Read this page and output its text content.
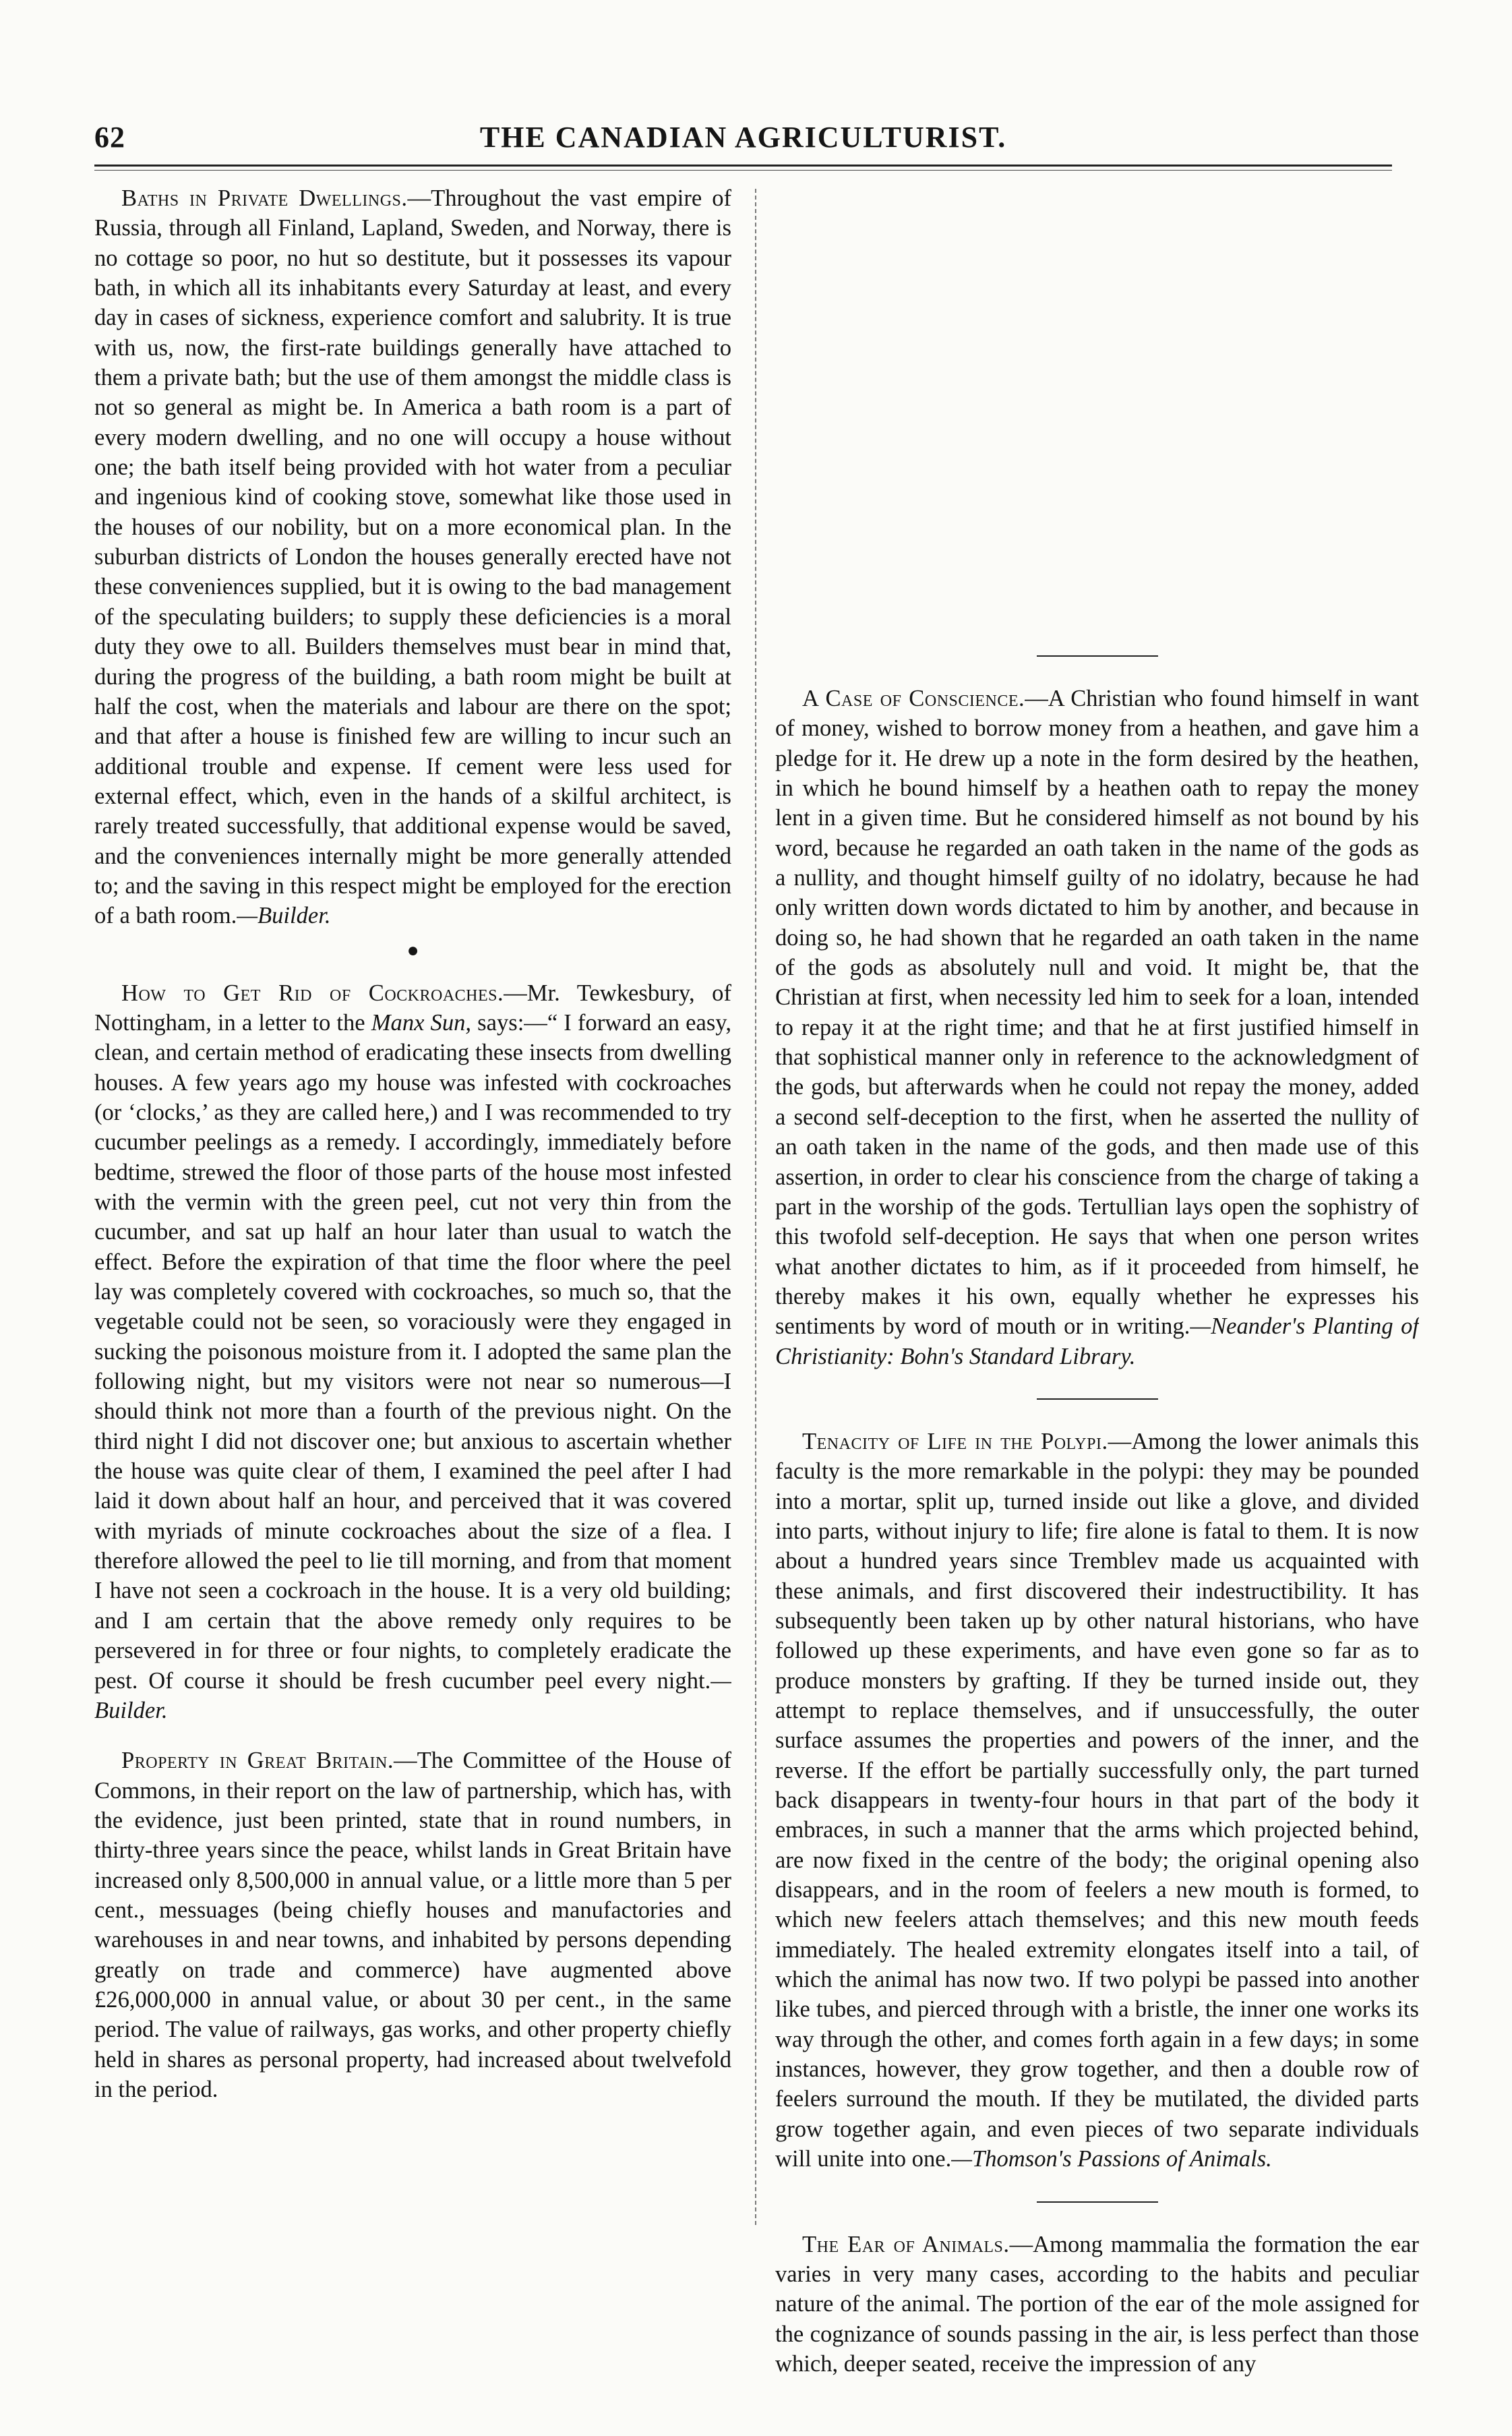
62	THE CANADIAN AGRICULTURIST.

Baths in Private Dwellings.—Throughout the vast empire of Russia, through all Finland, Lapland, Sweden, and Norway, there is no cottage so poor, no hut so destitute, but it possesses its vapour bath, in which all its inhabitants every Saturday at least, and every day in cases of sickness, experience comfort and salubrity. It is true with us, now, the first-rate buildings generally have attached to them a private bath; but the use of them amongst the middle class is not so general as might be. In America a bath room is a part of every modern dwelling, and no one will occupy a house without one; the bath itself being provided with hot water from a peculiar and ingenious kind of cooking stove, somewhat like those used in the houses of our nobility, but on a more economical plan. In the suburban districts of London the houses generally erected have not these conveniences supplied, but it is owing to the bad management of the speculating builders; to supply these deficiencies is a moral duty they owe to all. Builders themselves must bear in mind that, during the progress of the building, a bath room might be built at half the cost, when the materials and labour are there on the spot; and that after a house is finished few are willing to incur such an additional trouble and expense. If cement were less used for external effect, which, even in the hands of a skilful architect, is rarely treated successfully, that additional expense would be saved, and the conveniences internally might be more generally attended to; and the saving in this respect might be employed for the erection of a bath room.—Builder.

●

How to Get Rid of Cockroaches.—Mr. Tewkesbury, of Nottingham, in a letter to the Manx Sun, says:—“ I forward an easy, clean, and certain method of eradicating these insects from dwelling houses. A few years ago my house was infested with cockroaches (or ‘clocks,’ as they are called here,) and I was recommended to try cucumber peelings as a remedy. I accordingly, immediately before bedtime, strewed the floor of those parts of the house most infested with the vermin with the green peel, cut not very thin from the cucumber, and sat up half an hour later than usual to watch the effect. Before the expiration of that time the floor where the peel lay was completely covered with cockroaches, so much so, that the vegetable could not be seen, so voraciously were they engaged in sucking the poisonous moisture from it. I adopted the same plan the following night, but my visitors were not near so numerous—I should think not more than a fourth of the previous night. On the third night I did not discover one; but anxious to ascertain whether the house was quite clear of them, I examined the peel after I had laid it down about half an hour, and perceived that it was covered with myriads of minute cockroaches about the size of a flea. I therefore allowed the peel to lie till morning, and from that moment I have not seen a cockroach in the house. It is a very old building; and I am certain that the above remedy only requires to be persevered in for three or four nights, to completely eradicate the pest. Of course it should be fresh cucumber peel every night.—Builder.

Property in Great Britain.—The Committee of the House of Commons, in their report on the law of partnership, which has, with the evidence, just been printed, state that in round numbers, in thirty-three years since the peace, whilst lands in Great Britain have increased only 8,500,000 in annual value, or a little more than 5 per cent., messuages (being chiefly houses and manufactories and warehouses in and near towns, and inhabited by persons depending greatly on trade and commerce) have augmented above £26,000,000 in annual value, or about 30 per cent., in the same period. The value of railways, gas works, and other property chiefly held in shares as personal property, had increased about twelvefold in the period.

A Case of Conscience.—A Christian who found himself in want of money, wished to borrow money from a heathen, and gave him a pledge for it. He drew up a note in the form desired by the heathen, in which he bound himself by a heathen oath to repay the money lent in a given time. But he considered himself as not bound by his word, because he regarded an oath taken in the name of the gods as a nullity, and thought himself guilty of no idolatry, because he had only written down words dictated to him by another, and because in doing so, he had shown that he regarded an oath taken in the name of the gods as absolutely null and void. It might be, that the Christian at first, when necessity led him to seek for a loan, intended to repay it at the right time; and that he at first justified himself in that sophistical manner only in reference to the acknowledgment of the gods, but afterwards when he could not repay the money, added a second self-deception to the first, when he asserted the nullity of an oath taken in the name of the gods, and then made use of this assertion, in order to clear his conscience from the charge of taking a part in the worship of the gods. Tertullian lays open the sophistry of this twofold self-deception. He says that when one person writes what another dictates to him, as if it proceeded from himself, he thereby makes it his own, equally whether he expresses his sentiments by word of mouth or in writing.—Neander's Planting of Christianity: Bohn's Standard Library.

Tenacity of Life in the Polypi.—Among the lower animals this faculty is the more remarkable in the polypi: they may be pounded into a mortar, split up, turned inside out like a glove, and divided into parts, without injury to life; fire alone is fatal to them. It is now about a hundred years since Tremblev made us acquainted with these animals, and first discovered their indestructibility. It has subsequently been taken up by other natural historians, who have followed up these experiments, and have even gone so far as to produce monsters by grafting. If they be turned inside out, they attempt to replace themselves, and if unsuccessfully, the outer surface assumes the properties and powers of the inner, and the reverse. If the effort be partially successfully only, the part turned back disappears in twenty-four hours in that part of the body it embraces, in such a manner that the arms which projected behind, are now fixed in the centre of the body; the original opening also disappears, and in the room of feelers a new mouth is formed, to which new feelers attach themselves; and this new mouth feeds immediately. The healed extremity elongates itself into a tail, of which the animal has now two. If two polypi be passed into another like tubes, and pierced through with a bristle, the inner one works its way through the other, and comes forth again in a few days; in some instances, however, they grow together, and then a double row of feelers surround the mouth. If they be mutilated, the divided parts grow together again, and even pieces of two separate individuals will unite into one.—Thomson's Passions of Animals.

The Ear of Animals.—Among mammalia the formation the ear varies in very many cases, according to the habits and peculiar nature of the animal. The portion of the ear of the mole assigned for the cognizance of sounds passing in the air, is less perfect than those which, deeper seated, receive the impression of any
